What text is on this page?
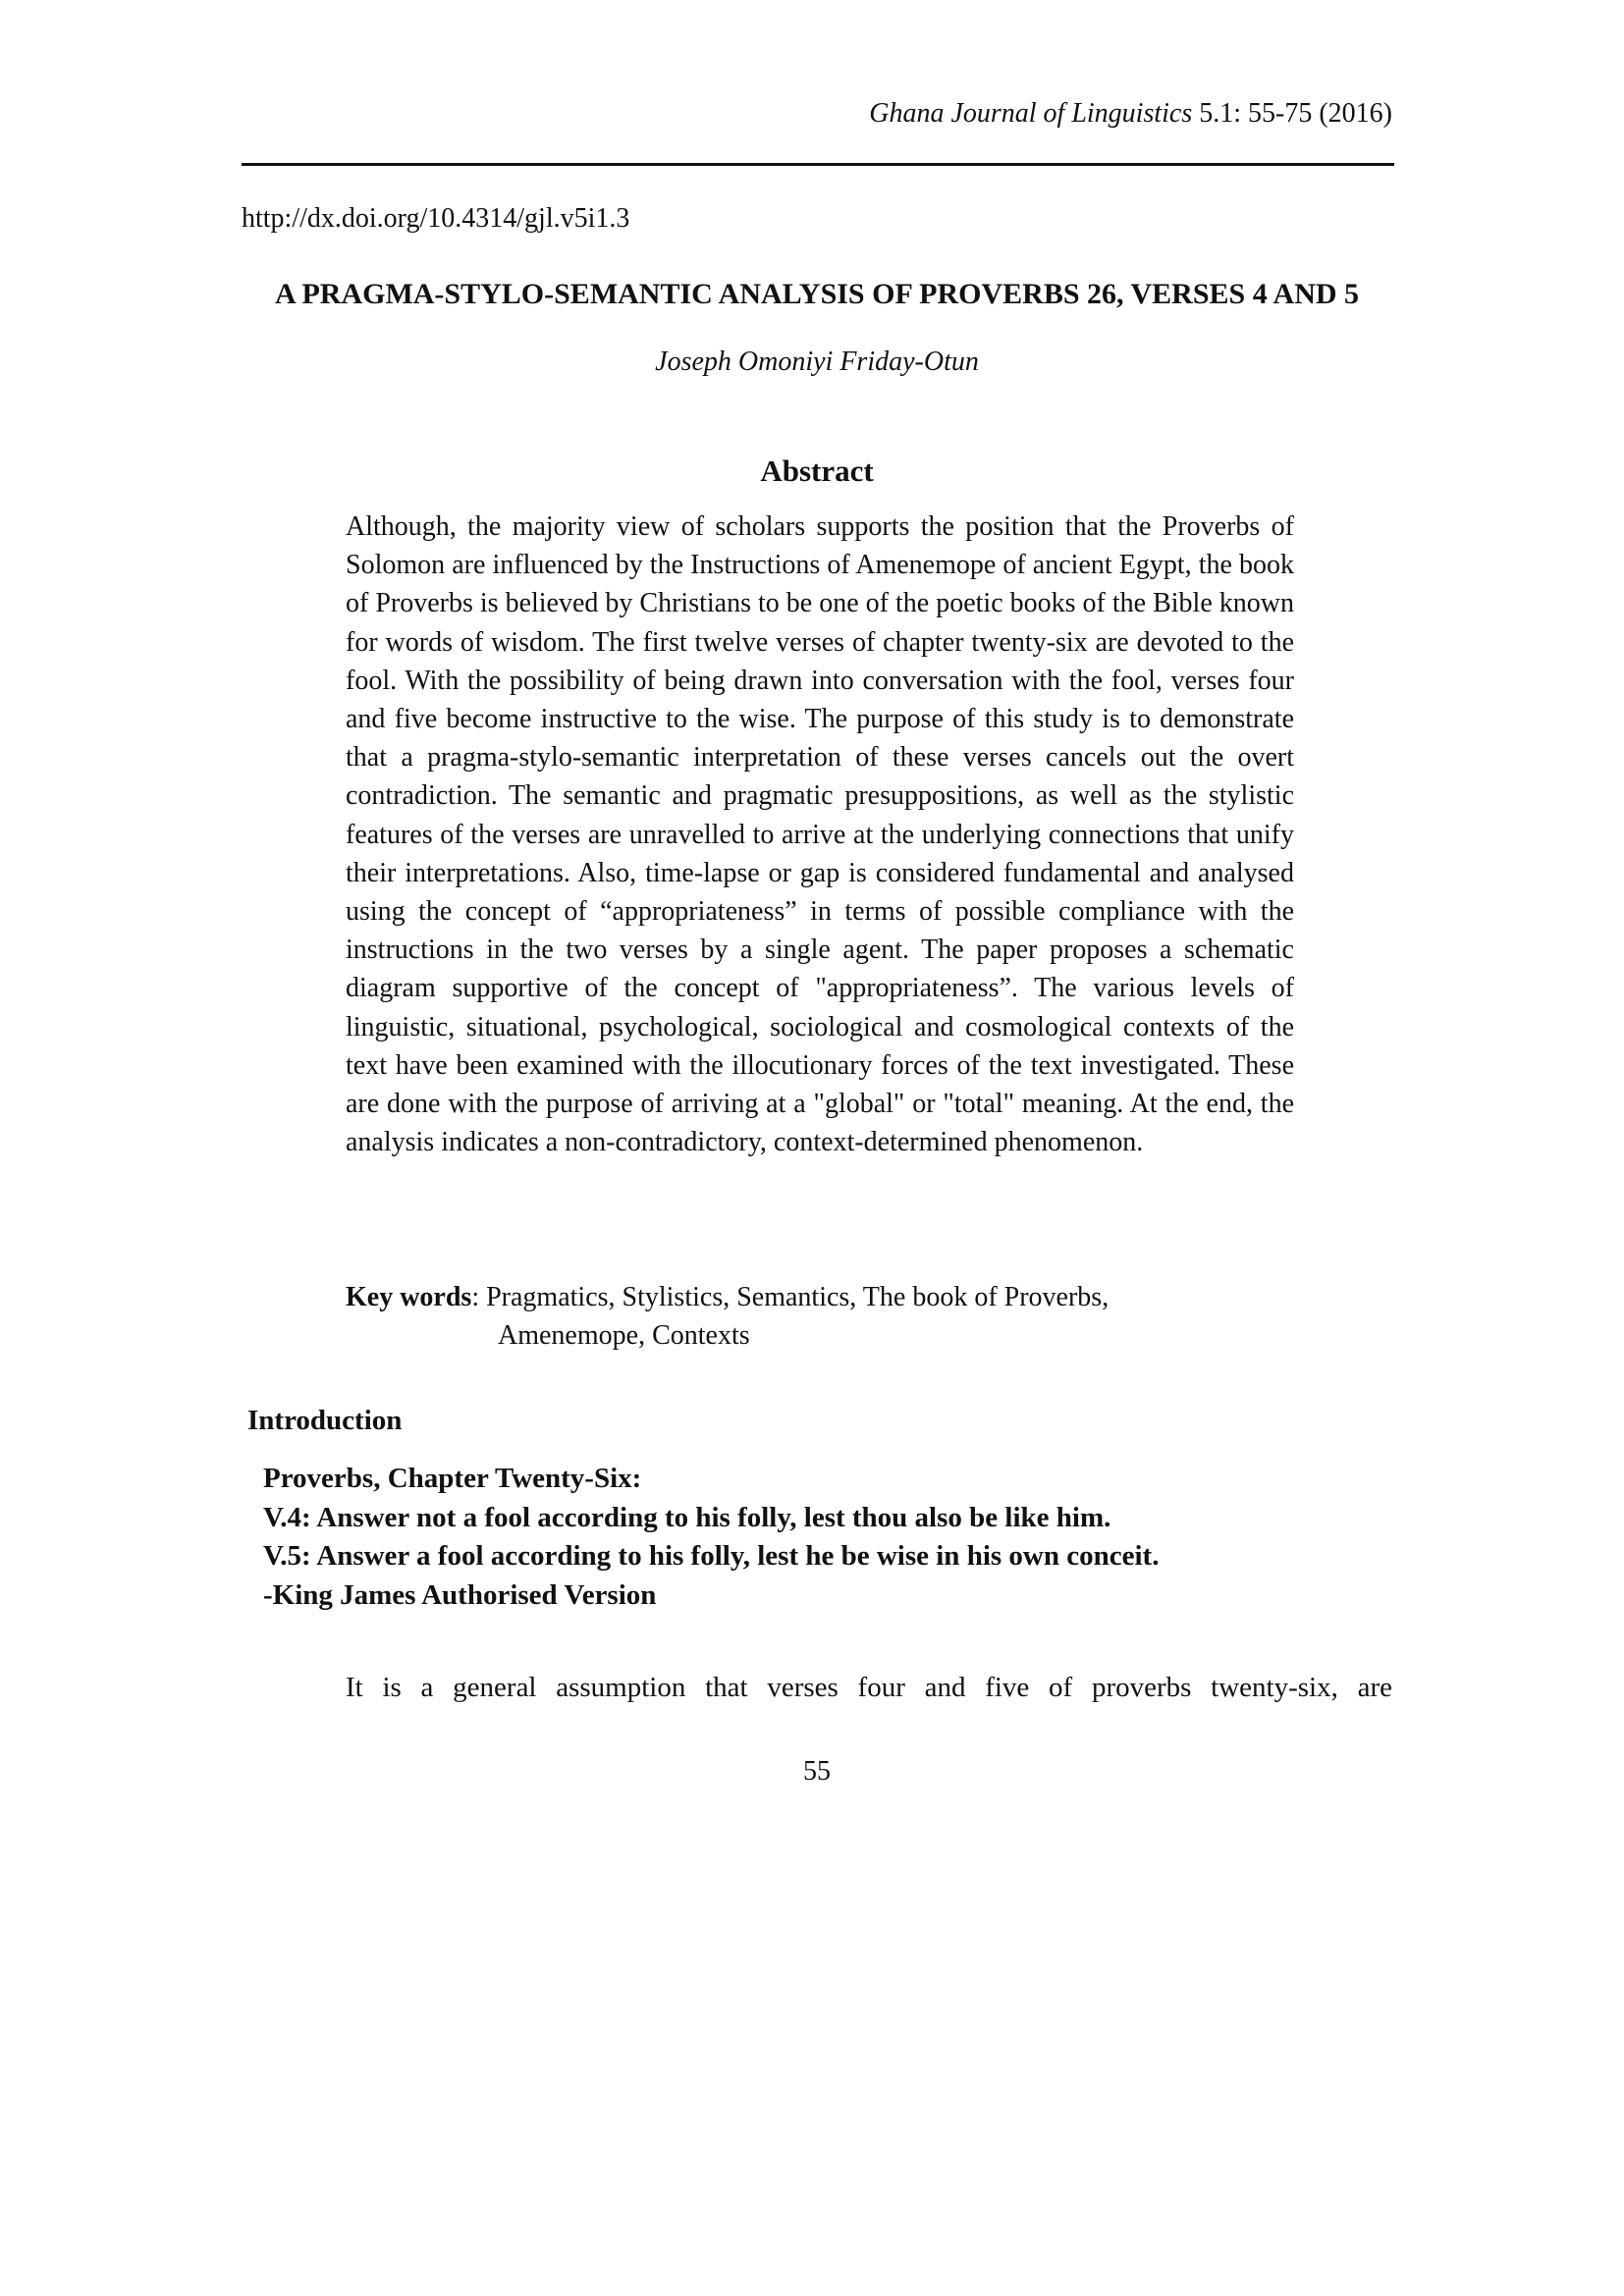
Ghana Journal of Linguistics 5.1: 55-75 (2016)
http://dx.doi.org/10.4314/gjl.v5i1.3
A PRAGMA-STYLO-SEMANTIC ANALYSIS OF PROVERBS 26, VERSES 4 AND 5
Joseph Omoniyi Friday-Otun
Abstract

Although, the majority view of scholars supports the position that the Proverbs of Solomon are influenced by the Instructions of Amenemope of ancient Egypt, the book of Proverbs is believed by Christians to be one of the poetic books of the Bible known for words of wisdom. The first twelve verses of chapter twenty-six are devoted to the fool. With the possibility of being drawn into conversation with the fool, verses four and five become instructive to the wise. The purpose of this study is to demonstrate that a pragma-stylo-semantic interpretation of these verses cancels out the overt contradiction. The semantic and pragmatic presuppositions, as well as the stylistic features of the verses are unravelled to arrive at the underlying connections that unify their interpretations. Also, time-lapse or gap is considered fundamental and analysed using the concept of “appropriateness” in terms of possible compliance with the instructions in the two verses by a single agent. The paper proposes a schematic diagram supportive of the concept of "appropriateness”. The various levels of linguistic, situational, psychological, sociological and cosmological contexts of the text have been examined with the illocutionary forces of the text investigated. These are done with the purpose of arriving at a "global" or "total" meaning. At the end, the analysis indicates a non-contradictory, context-determined phenomenon.

Key words: Pragmatics, Stylistics, Semantics, The book of Proverbs,
Amenemope, Contexts
Introduction
Proverbs, Chapter Twenty-Six:
V.4: Answer not a fool according to his folly, lest thou also be like him.
V.5: Answer a fool according to his folly, lest he be wise in his own conceit.
-King James Authorised Version
It is a general assumption that verses four and five of proverbs twenty-six, are
55
